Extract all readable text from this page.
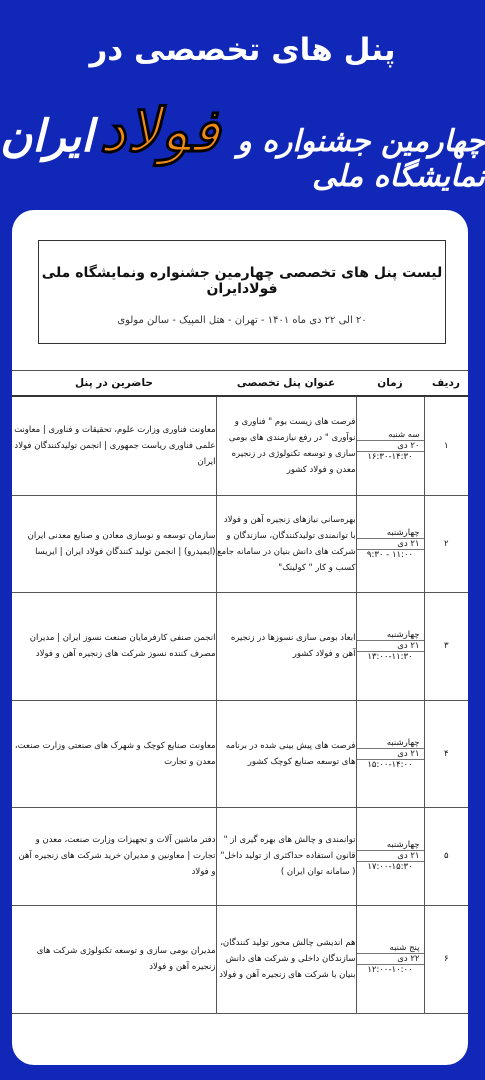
پنل های تخصصی در
چهارمین جشنواره و نمایشگاه ملی
فولاد
ایران
لیست پنل های تخصصی چهارمین جشنواره ونمایشگاه ملی فولادایران
۲۰ الی ۲۲ دی ماه ۱۴۰۱ - تهران - هتل المپیک - سالن مولوی
ردیف	زمان	عنوان پنل تخصصی	حاضرین در پنل
۱	سه شنبه
۲۰ دی
۱۶:۳۰-۱۴:۳۰	فرصت های زیست بوم " فناوری و نوآوری " در رفع نیازمندی های بومی سازی و توسعه تکنولوژی در زنجیره معدن و فولاد کشور	معاونت فناوری وزارت علوم، تحقیقات و فناوری | معاونت علمی فناوری ریاست جمهوری | انجمن تولیدکنندگان فولاد ایران
۲	چهارشنبه
۲۱ دی
۱۱:۰۰ - ۹:۳۰	بهره‌سانی نیازهای زنجیره آهن و فولاد با توانمندی تولیدکنندگان، سازندگان و شرکت های دانش بنیان در سامانه جامع کسب و کار " کولینک"	سازمان توسعه و نوسازی معادن و صنایع معدنی ایران (ایمیدرو) | انجمن تولید کنندگان فولاد ایران | ایریسا
۳	چهارشنبه
۲۱ دی
۱۳:۰۰-۱۱:۳۰	ابعاد بومی سازی نسوزها در زنجیره آهن و فولاد کشور	انجمن صنفی کارفرمایان صنعت نسوز ایران | مدیران مصرف کننده نسوز شرکت های زنجیره آهن و فولاد
۴	چهارشنبه
۲۱ دی
۱۵:۰۰-۱۴:۰۰	فرصت های پیش بینی شده در برنامه های توسعه صنایع کوچک کشور	معاونت صنایع کوچک و شهرک های صنعتی وزارت صنعت، معدن و تجارت
۵	چهارشنبه
۲۱ دی
۱۷:۰۰-۱۵:۳۰	توانمندی و چالش های بهره گیری از " قانون استفاده حداکثری از تولید داخل" ( سامانه توان ایران )	دفتر ماشین آلات و تجهیزات وزارت صنعت، معدن و تجارت | معاونین و مدیران خرید شرکت های زنجیره آهن و فولاد
۶	پنج شنبه
۲۲ دی
۱۲:۰۰-۱۰:۰۰	هم اندیشی چالش محور تولید کنندگان، سازندگان داخلی و شرکت های دانش بنیان با شرکت های زنجیره آهن و فولاد	مدیران بومی سازی و توسعه تکنولوژی شرکت های زنجیره آهن و فولاد
